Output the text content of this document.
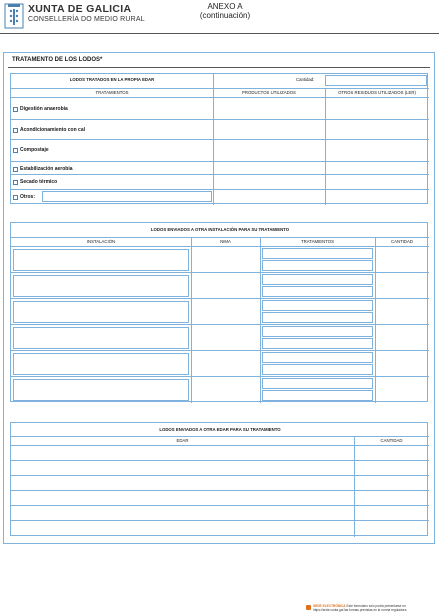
XUNTA DE GALICIA
CONSELLERÍA DO MEDIO RURAL
ANEXO A
(continuación)
TRATAMENTO DE LOS LODOS*
LODOS TRATADOS EN LA PROPIA EDAR	Cantidad:
TRATAMIENTOS	PRODUCTOS UTILIZADOS	OTROS RESIDUOS UTILIZADOS (LER)
Digestión anaerobia
Acondicionamiento con cal
Compostaje
Estabilización aerobia
Secado térmico
Otros:
LODOS ENVIADOS A OTRA INSTALACIÓN PARA SU TRATAMIENTO
INSTALACIÓN	NIMA	TRATAMIENTOS	CANTIDAD
LODOS ENVIADOS A OTRA EDAR PARA SU TRATAMIENTO
EDAR	CANTIDAD
SEDE ELECTRÓNICA Este formulario solo podrá presentarse en
https://sede.xunta.gal las formas previstas en la norma reguladora
